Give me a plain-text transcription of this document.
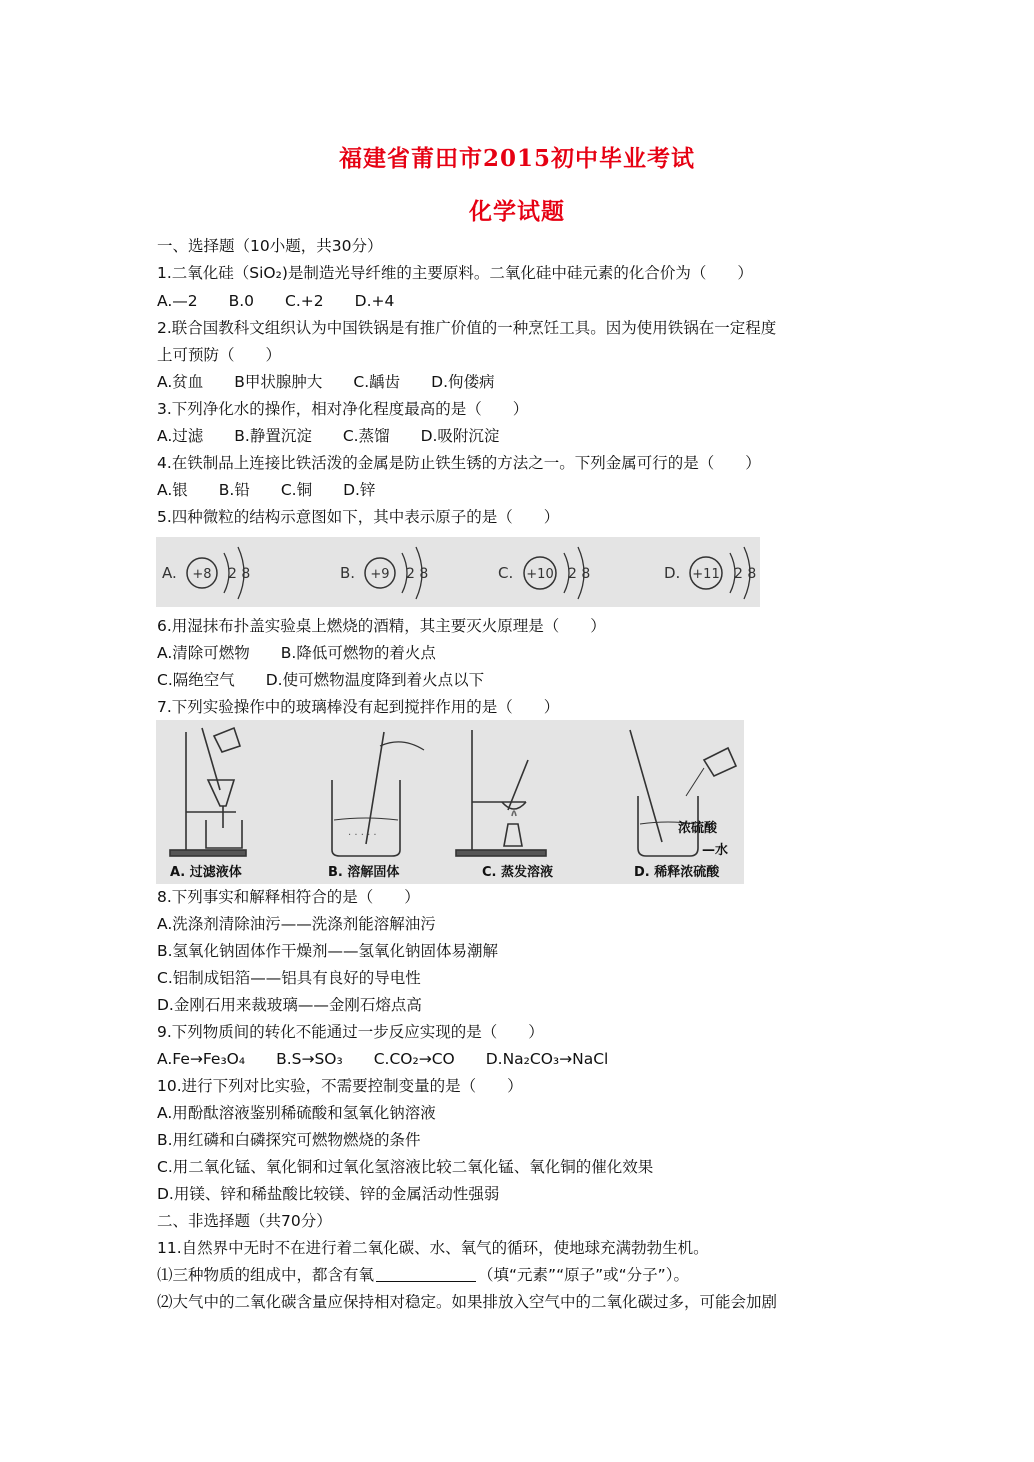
福建省莆田市2015初中毕业考试
化学试题
一、选择题（10小题，共30分）
1.二氧化硅（SiO₂)是制造光导纤维的主要原料。二氧化硅中硅元素的化合价为（　　）
A.—2　　B.0　　C.+2　　D.+4
2.联合国教科文组织认为中国铁锅是有推广价值的一种烹饪工具。因为使用铁锅在一定程度
上可预防（　　）
A.贫血　　B甲状腺肿大　　C.龋齿　　D.佝偻病
3.下列净化水的操作，相对净化程度最高的是（　　）
A.过滤　　B.静置沉淀　　C.蒸馏　　D.吸附沉淀
4.在铁制品上连接比铁活泼的金属是防止铁生锈的方法之一。下列金属可行的是（　　）
A.银　　B.铅　　C.铜　　D.锌
5.四种微粒的结构示意图如下，其中表示原子的是（　　）
A. +8 2 8	B. +9 2 8	C. +10 2 8	D. +11 2 8
6.用湿抹布扑盖实验桌上燃烧的酒精，其主要灭火原理是（　　）
A.清除可燃物　　B.降低可燃物的着火点
C.隔绝空气　　D.使可燃物温度降到着火点以下
7.下列实验操作中的玻璃棒没有起到搅拌作用的是（　　）
A. 过滤液体
· · · · ·
B. 溶解固体	C. 蒸发溶液
浓硫酸
—水
D. 稀释浓硫酸
8.下列事实和解释相符合的是（　　）
A.洗涤剂清除油污——洗涤剂能溶解油污
B.氢氧化钠固体作干燥剂——氢氧化钠固体易潮解
C.铝制成铝箔——铝具有良好的导电性
D.金刚石用来裁玻璃——金刚石熔点高
9.下列物质间的转化不能通过一步反应实现的是（　　）
A.Fe→Fe₃O₄　　B.S→SO₃　　C.CO₂→CO　　D.Na₂CO₃→NaCl
10.进行下列对比实验，不需要控制变量的是（　　）
A.用酚酞溶液鉴别稀硫酸和氢氧化钠溶液
B.用红磷和白磷探究可燃物燃烧的条件
C.用二氧化锰、氧化铜和过氧化氢溶液比较二氧化锰、氧化铜的催化效果
D.用镁、锌和稀盐酸比较镁、锌的金属活动性强弱
二、非选择题（共70分）
11.自然界中无时不在进行着二氧化碳、水、氧气的循环，使地球充满勃勃生机。
⑴三种物质的组成中，都含有氧	（填“元素”“原子”或“分子”）。
⑵大气中的二氧化碳含量应保持相对稳定。如果排放入空气中的二氧化碳过多，可能会加剧
